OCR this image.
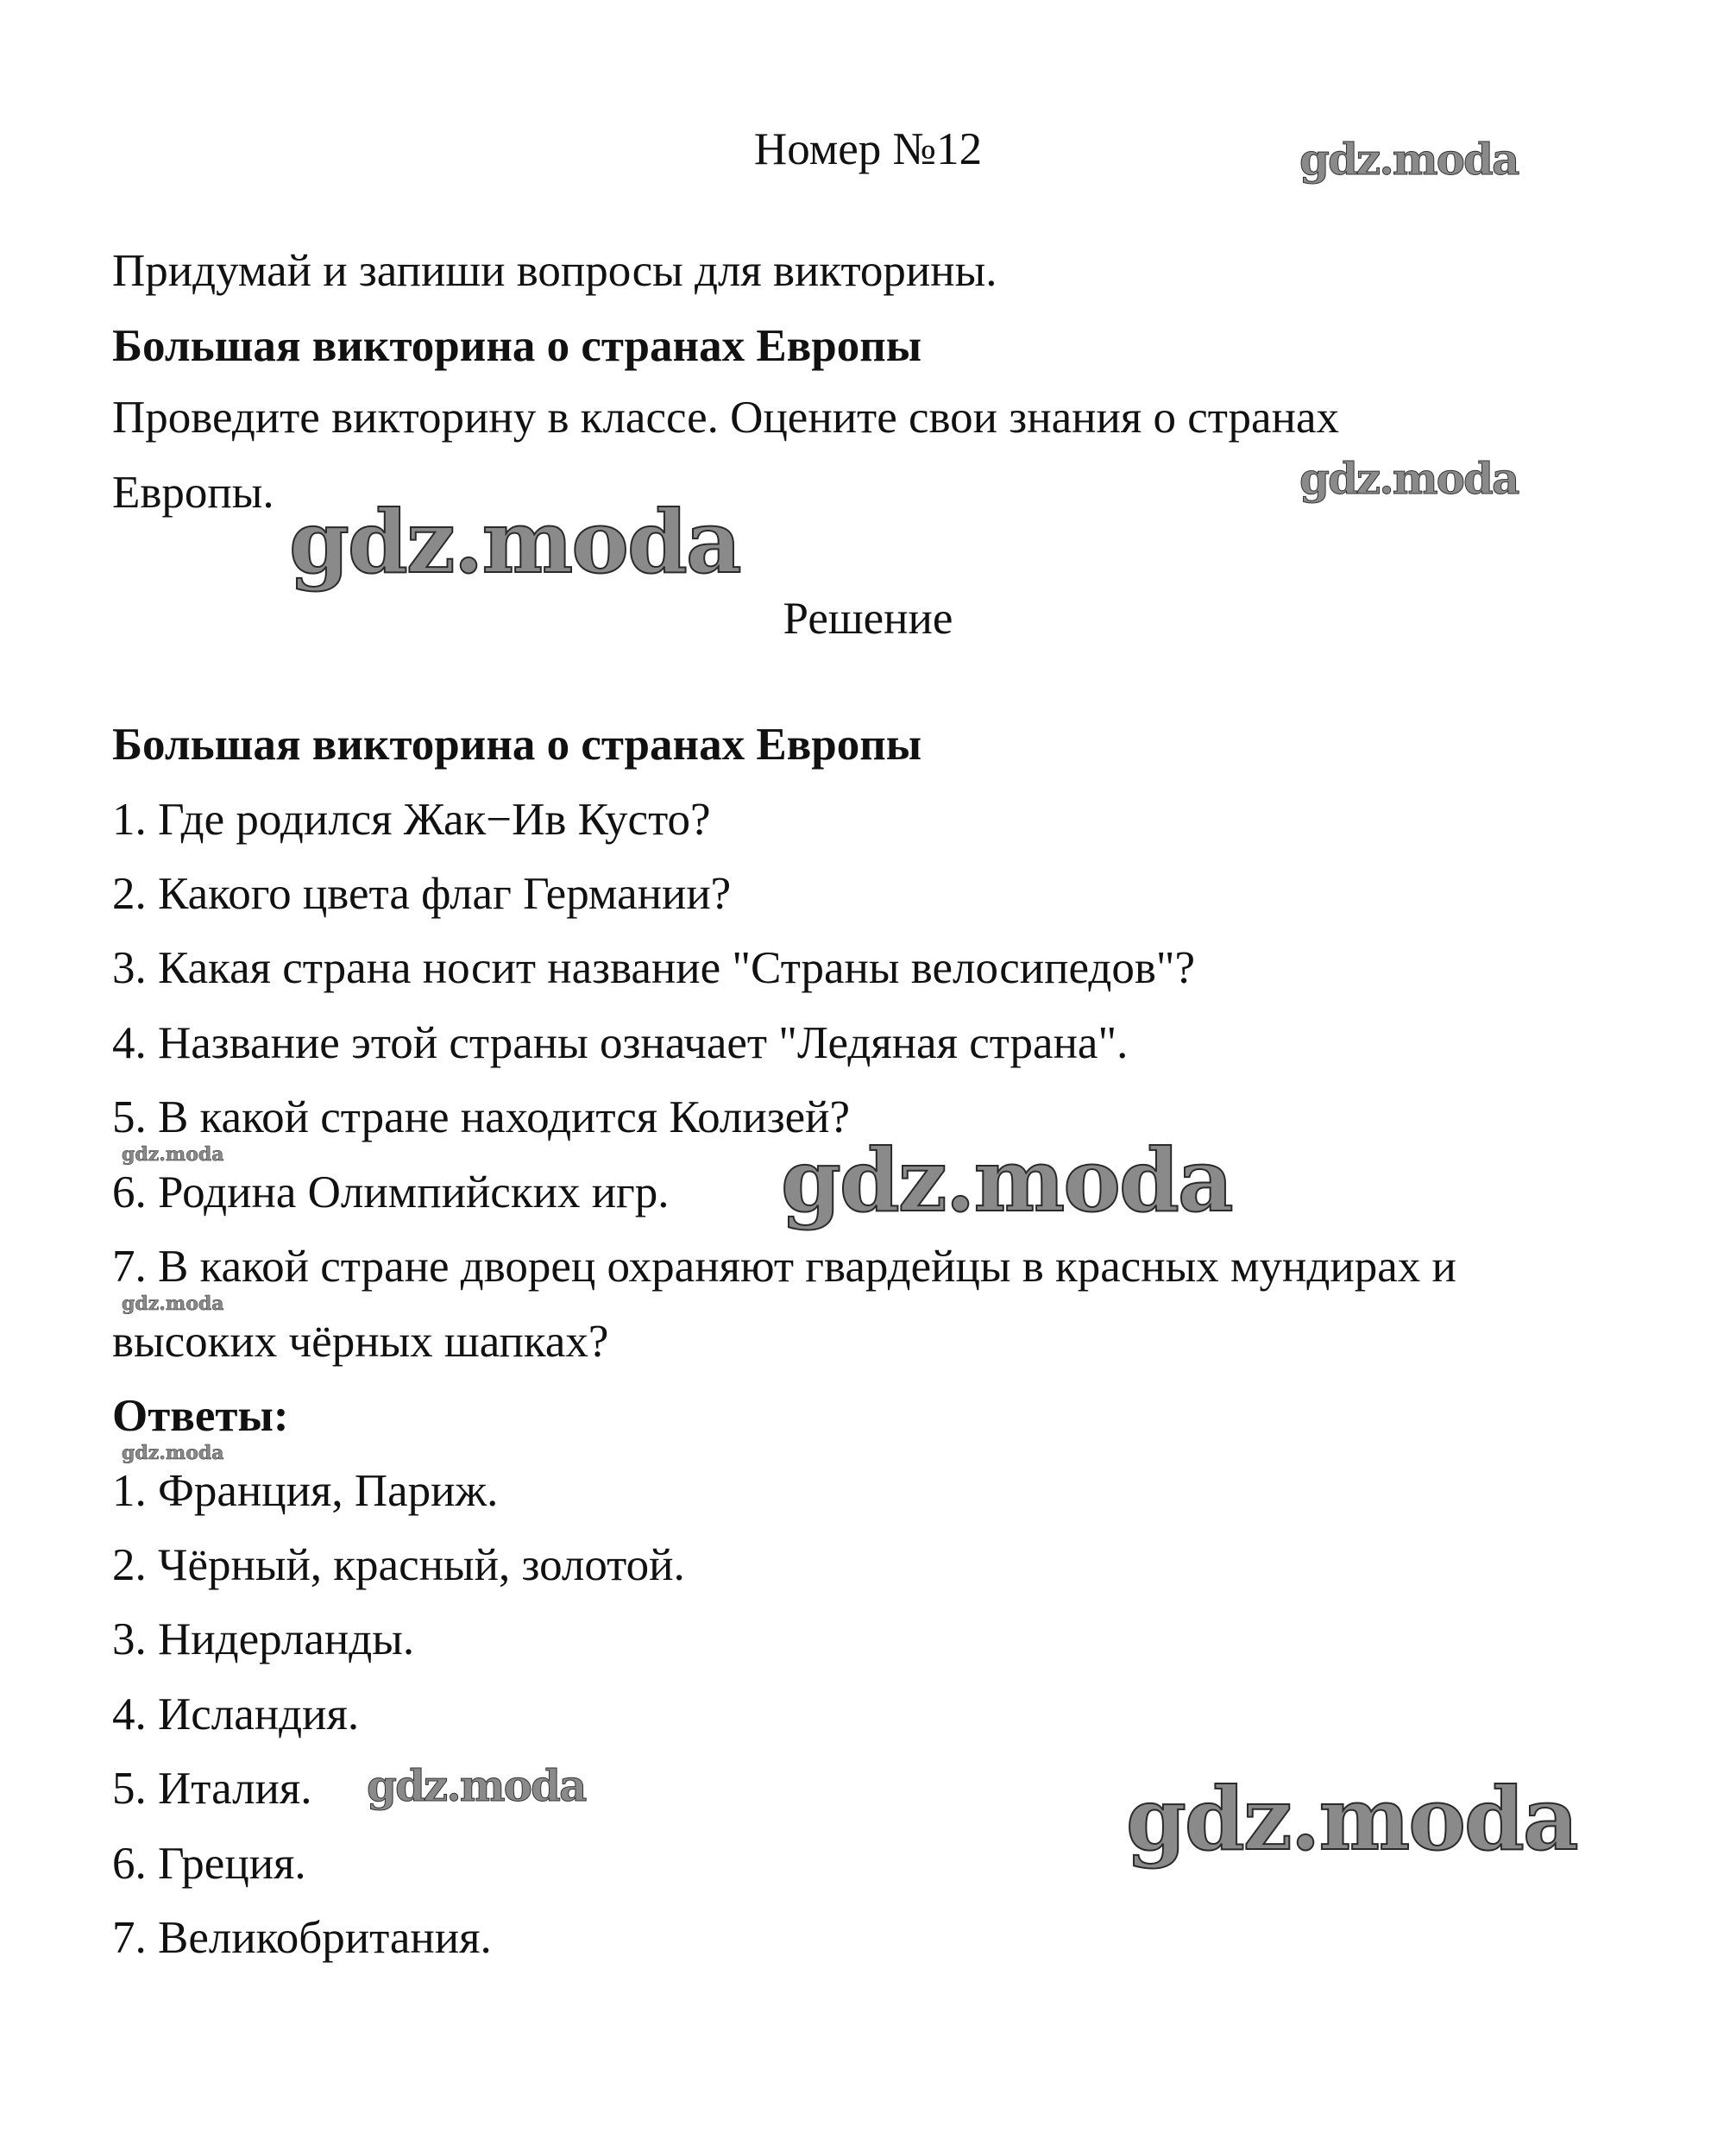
Номер №12
Придумай и запиши вопросы для викторины.
Большая викторина о странах Европы
Проведите викторину в классе. Оцените свои знания о странах
Европы.
Решение
Большая викторина о странах Европы
1. Где родился Жак−Ив Кусто?
2. Какого цвета флаг Германии?
3. Какая страна носит название "Страны велосипедов"?
4. Название этой страны означает "Ледяная страна".
5. В какой стране находится Колизей?
6. Родина Олимпийских игр.
7. В какой стране дворец охраняют гвардейцы в красных мундирах и
высоких чёрных шапках?
Ответы:
1. Франция, Париж.
2. Чёрный, красный, золотой.
3. Нидерланды.
4. Исландия.
5. Италия.
6. Греция.
7. Великобритания.
gdz.moda
gdz.moda
gdz.moda
gdz.moda
gdz.moda
gdz.moda
gdz.moda
gdz.moda
gdz.moda
